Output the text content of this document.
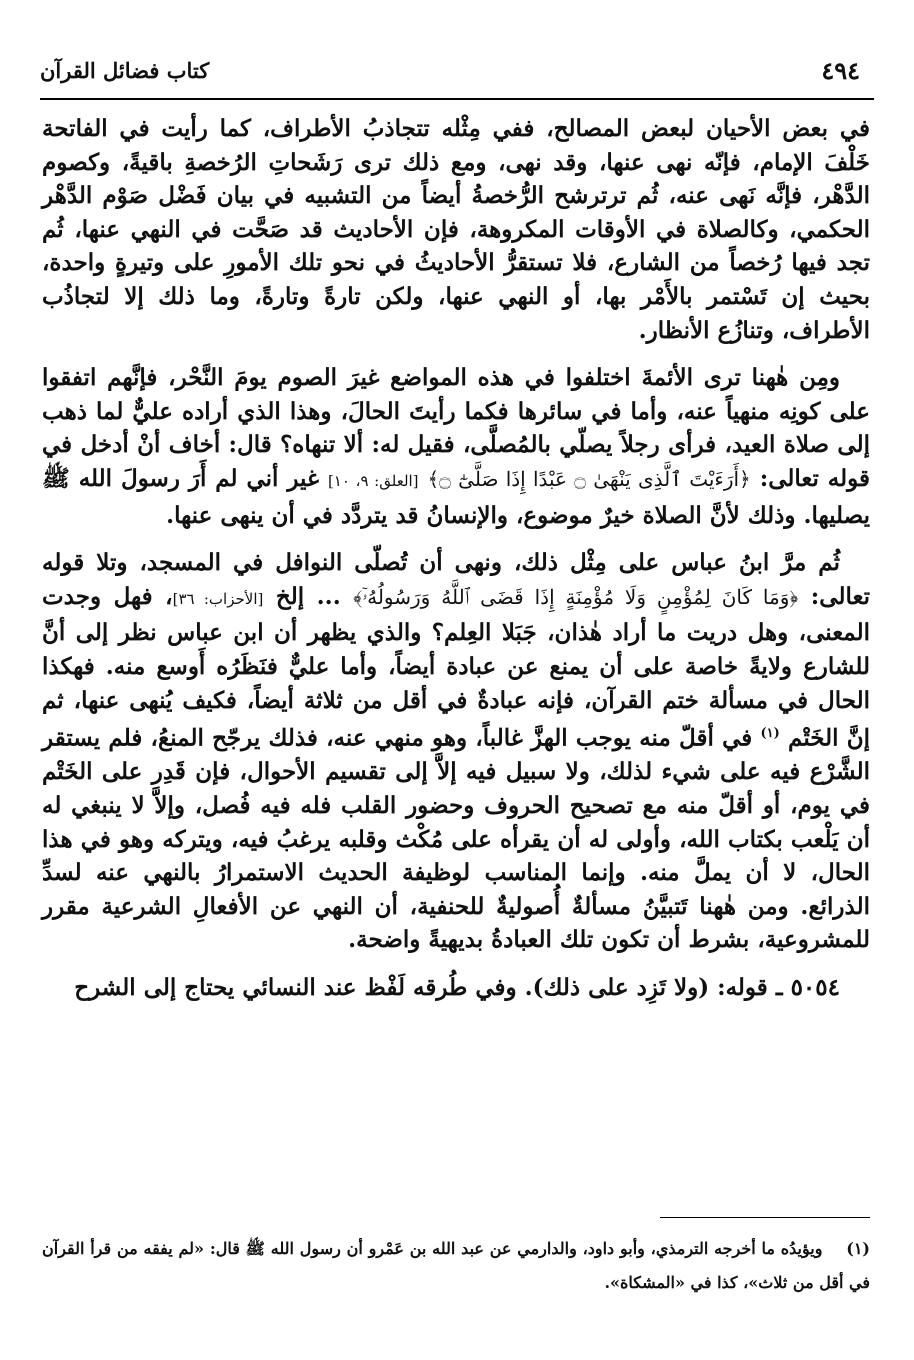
٤٩٤
كتاب فضائل القرآن

في بعض الأحيان لبعض المصالح، ففي مِثْله تتجاذبُ الأطراف، كما رأيت في الفاتحة خَلْفَ الإمام، فإنّه نهى عنها، وقد نهى، ومع ذلك ترى رَشَحاتِ الرُخصةِ باقيةً، وكصوم الدَّهْر، فإنَّه نَهى عنه، ثُم ترترشح الرُّخصةُ أيضاً من التشبيه في بيان فَضْل صَوْم الدَّهْر الحكمي، وكالصلاة في الأوقات المكروهة، فإن الأحاديث قد صَحَّت في النهي عنها، ثُم تجد فيها رُخصاً من الشارع، فلا تستقرُّ الأحاديثُ في نحو تلك الأمورِ على وتيرةٍ واحدة، بحيث إن تَسْتمر بالأَمْر بها، أو النهي عنها، ولكن تارةً وتارةً، وما ذلك إلا لتجاذُب الأطراف، وتنازُع الأنظار.

ومِن هٰهنا ترى الأئمةَ اختلفوا في هذه المواضع غيرَ الصوم يومَ النَّحْر، فإنَّهم اتفقوا على كونِه منهياً عنه، وأما في سائرها فكما رأيتَ الحالَ، وهذا الذي أراده عليٌّ لما ذهب إلى صلاة العيد، فرأى رجلاً يصلّي بالمُصلَّى، فقيل له: ألا تنهاه؟ قال: أخاف أنْ أدخل في قوله تعالى: ﴿أَرَءَيْتَ ٱلَّذِى يَنْهَىٰ ۝ عَبْدًا إِذَا صَلَّىٰٓ ۝﴾ [العلق: ٩، ١٠] غير أني لم أَرَ رسولَ الله ﷺ يصليها. وذلك لأنَّ الصلاة خيرٌ موضوع، والإنسانُ قد يتردَّد في أن ينهى عنها.

ثُم مرَّ ابنُ عباس على مِثْل ذلك، ونهى أن تُصلّى النوافل في المسجد، وتلا قوله تعالى: ﴿وَمَا كَانَ لِمُؤْمِنٍ وَلَا مُؤْمِنَةٍ إِذَا قَضَى ٱللَّهُ وَرَسُولُهُۥٓ﴾ ... إلخ [الأحزاب: ٣٦]، فهل وجدت المعنى، وهل دريت ما أراد هٰذان، جَبَلا العِلم؟ والذي يظهر أن ابن عباس نظر إلى أنَّ للشارع ولايةً خاصة على أن يمنع عن عبادة أيضاً، وأما عليٌّ فنَظَرُه أَوسع منه. فهكذا الحال في مسألة ختم القرآن، فإنه عبادةٌ في أقل من ثلاثة أيضاً، فكيف يُنهى عنها، ثم إنَّ الخَتْم $^{(١)}$ في أقلّ منه يوجب الهزَّ غالباً، وهو منهي عنه، فذلك يرجّح المنعُ، فلم يستقر الشَّرْع فيه على شيء لذلك، ولا سبيل فيه إلاَّ إلى تقسيم الأحوال، فإن قَدِر على الخَتْم في يوم، أو أقلّ منه مع تصحيح الحروف وحضور القلب فله فيه فُصل، وإلاَّ لا ينبغي له أن يَلْعب بكتاب الله، وأولى له أن يقرأه على مُكْث وقلبه يرغبُ فيه، ويتركه وهو في هذا الحال، لا أن يملَّ منه. وإنما المناسب لوظيفة الحديث الاستمرارُ بالنهي عنه لسدِّ الذرائع. ومن هٰهنا تَتبيَّنُ مسألةٌ أُصوليةٌ للحنفية، أن النهي عن الأفعالِ الشرعية مقرر للمشروعية، بشرط أن تكون تلك العبادةُ بديهيةً واضحة.

٥٠٥٤ ـ قوله: (ولا تَزِد على ذلك). وفي طُرقه لَفْظ عند النسائي يحتاج إلى الشرح

(١) ويؤيدُه ما أخرجه الترمذي، وأبو داود، والدارمي عن عبد الله بن عَمْرو أن رسول الله ﷺ قال: «لم يفقه من قرأ القرآن في أقل من ثلاث»، كذا في «المشكاة».
